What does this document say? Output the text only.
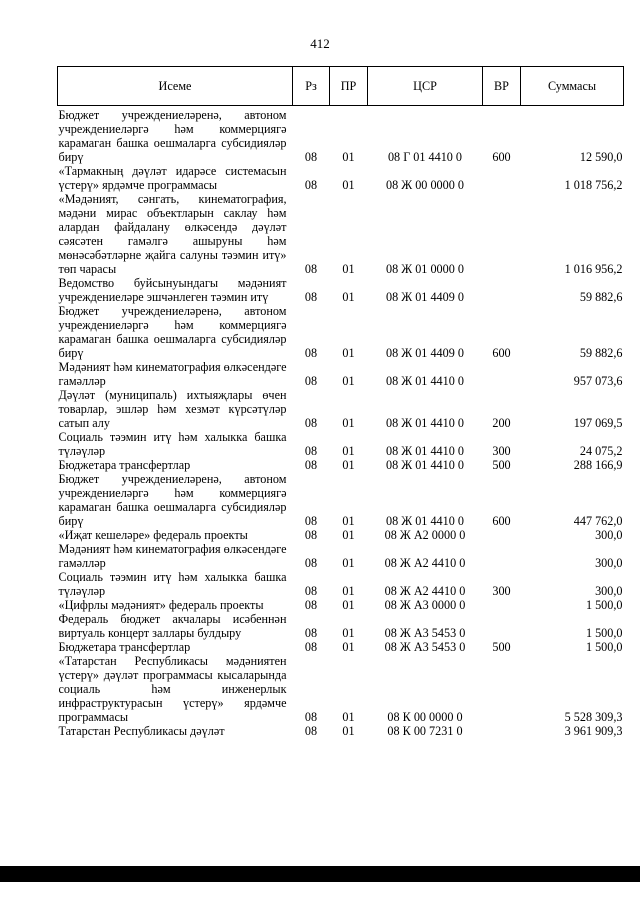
412
Исеме	Рз	ПР	ЦСР	ВР	Суммасы
Бюджет учреждениеләренә, автоном учреждениеләргә һәм коммерциягә карамаган башка оешмаларга субсидияләр бирү	08	01	08 Г 01 4410 0	600	12 590,0
«Тармакның дәүләт идарәсе системасын үстерү» ярдәмче программасы	08	01	08 Ж 00 0000 0		1 018 756,2
«Мәдәният, сәнгать, кинематография, мәдәни мирас объектларын саклау һәм алардан файдалану өлкәсендә дәүләт сәясәтен гамәлгә ашыруны һәм мөнәсәбәтләрне җайга салуны тәэмин итү» төп чарасы	08	01	08 Ж 01 0000 0		1 016 956,2
Ведомство буйсынуындагы мәдәният учреждениеләре эшчәнлеген тәэмин итү	08	01	08 Ж 01 4409 0		59 882,6
Бюджет учреждениеләренә, автоном учреждениеләргә һәм коммерциягә карамаган башка оешмаларга субсидияләр бирү	08	01	08 Ж 01 4409 0	600	59 882,6
Мәдәният һәм кинематография өлкәсендәге гамәлләр	08	01	08 Ж 01 4410 0		957 073,6
Дәүләт (муниципаль) ихтыяҗлары өчен товарлар, эшләр һәм хезмәт күрсәтүләр сатып алу	08	01	08 Ж 01 4410 0	200	197 069,5
Социаль тәэмин итү һәм халыкка башка түләүләр	08	01	08 Ж 01 4410 0	300	24 075,2
Бюджетара трансфертлар	08	01	08 Ж 01 4410 0	500	288 166,9
Бюджет учреждениеләренә, автоном учреждениеләргә һәм коммерциягә карамаган башка оешмаларга субсидияләр бирү	08	01	08 Ж 01 4410 0	600	447 762,0
«Иҗат кешеләре» федераль проекты	08	01	08 Ж А2 0000 0		300,0
Мәдәният һәм кинематография өлкәсендәге гамәлләр	08	01	08 Ж А2 4410 0		300,0
Социаль тәэмин итү һәм халыкка башка түләүләр	08	01	08 Ж А2 4410 0	300	300,0
«Цифрлы мәдәният» федераль проекты	08	01	08 Ж А3 0000 0		1 500,0
Федераль бюджет акчалары исәбеннән виртуаль концерт заллары булдыру	08	01	08 Ж А3 5453 0		1 500,0
Бюджетара трансфертлар	08	01	08 Ж А3 5453 0	500	1 500,0
«Татарстан Республикасы мәдәниятен үстерү» дәүләт программасы кысаларында социаль һәм инженерлык инфраструктурасын үстерү» ярдәмче программасы	08	01	08 К 00 0000 0		5 528 309,3
Татарстан Республикасы дәүләт	08	01	08 К 00 7231 0		3 961 909,3
